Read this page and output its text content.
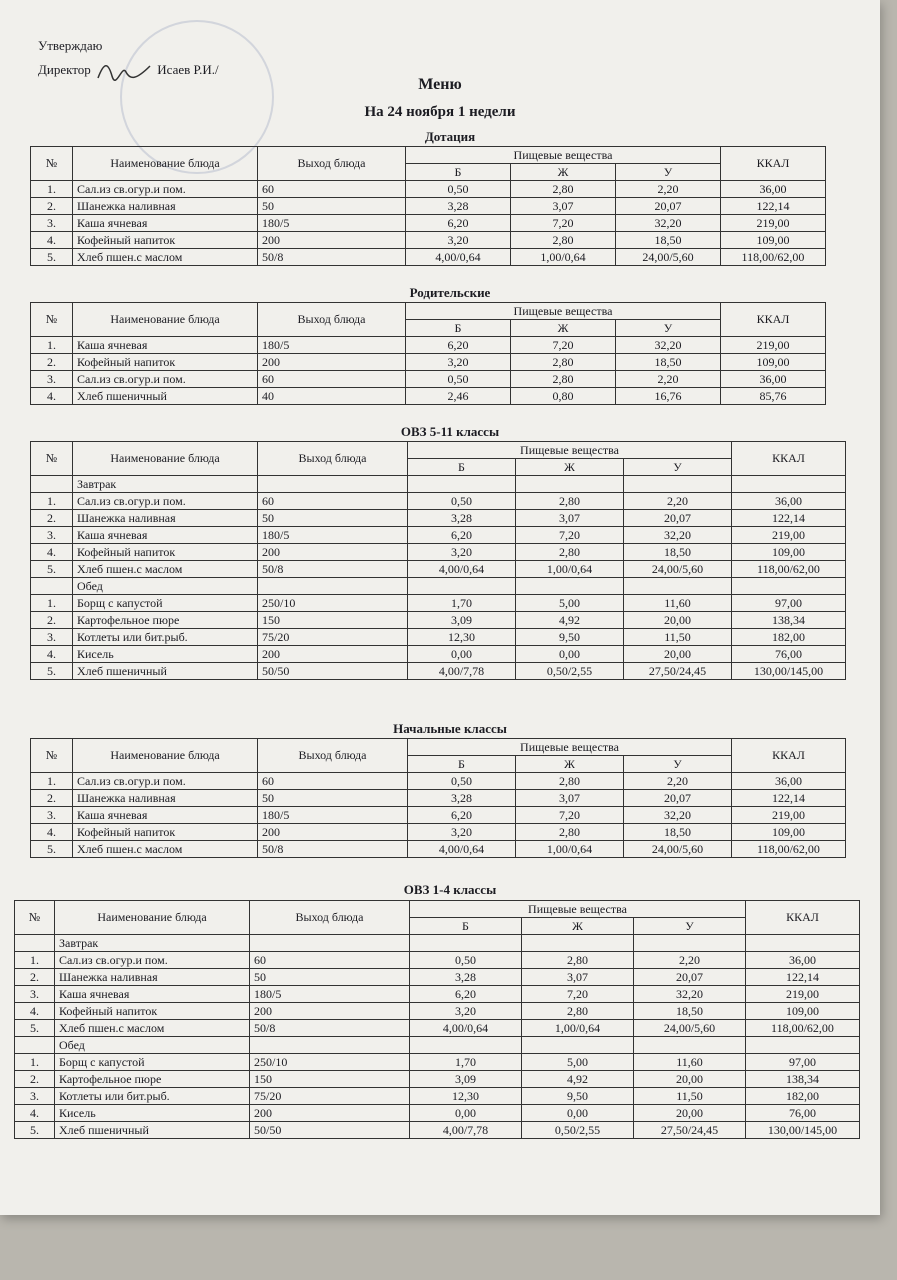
Утверждаю
Директор	Исаев Р.И./
Меню
На 24 ноября 1 недели
Дотация
№	Наименование блюда	Выход блюда	Пищевые вещества			ККАЛ
			Б	Ж	У	
1.	Сал.из св.огур.и пом.	60	0,50	2,80	2,20	36,00
2.	Шанежка наливная	50	3,28	3,07	20,07	122,14
3.	Каша ячневая	180/5	6,20	7,20	32,20	219,00
4.	Кофейный напиток	200	3,20	2,80	18,50	109,00
5.	Хлеб пшен.с маслом	50/8	4,00/0,64	1,00/0,64	24,00/5,60	118,00/62,00
Родительские
№	Наименование блюда	Выход блюда	Пищевые вещества			ККАЛ
			Б	Ж	У	
1.	Каша ячневая	180/5	6,20	7,20	32,20	219,00
2.	Кофейный напиток	200	3,20	2,80	18,50	109,00
3.	Сал.из св.огур.и пом.	60	0,50	2,80	2,20	36,00
4.	Хлеб пшеничный	40	2,46	0,80	16,76	85,76
ОВЗ 5-11 классы
№	Наименование блюда	Выход блюда	Пищевые вещества			ККАЛ
			Б	Ж	У	
	Завтрак					
1.	Сал.из св.огур.и пом.	60	0,50	2,80	2,20	36,00
2.	Шанежка наливная	50	3,28	3,07	20,07	122,14
3.	Каша ячневая	180/5	6,20	7,20	32,20	219,00
4.	Кофейный напиток	200	3,20	2,80	18,50	109,00
5.	Хлеб пшен.с маслом	50/8	4,00/0,64	1,00/0,64	24,00/5,60	118,00/62,00
	Обед					
1.	Борщ с капустой	250/10	1,70	5,00	11,60	97,00
2.	Картофельное пюре	150	3,09	4,92	20,00	138,34
3.	Котлеты или бит.рыб.	75/20	12,30	9,50	11,50	182,00
4.	Кисель	200	0,00	0,00	20,00	76,00
5.	Хлеб пшеничный	50/50	4,00/7,78	0,50/2,55	27,50/24,45	130,00/145,00
Начальные классы
№	Наименование блюда	Выход блюда	Пищевые вещества			ККАЛ
			Б	Ж	У	
1.	Сал.из св.огур.и пом.	60	0,50	2,80	2,20	36,00
2.	Шанежка наливная	50	3,28	3,07	20,07	122,14
3.	Каша ячневая	180/5	6,20	7,20	32,20	219,00
4.	Кофейный напиток	200	3,20	2,80	18,50	109,00
5.	Хлеб пшен.с маслом	50/8	4,00/0,64	1,00/0,64	24,00/5,60	118,00/62,00
ОВЗ 1-4 классы
№	Наименование блюда	Выход блюда	Пищевые вещества			ККАЛ
			Б	Ж	У	
	Завтрак					
1.	Сал.из св.огур.и пом.	60	0,50	2,80	2,20	36,00
2.	Шанежка наливная	50	3,28	3,07	20,07	122,14
3.	Каша ячневая	180/5	6,20	7,20	32,20	219,00
4.	Кофейный напиток	200	3,20	2,80	18,50	109,00
5.	Хлеб пшен.с маслом	50/8	4,00/0,64	1,00/0,64	24,00/5,60	118,00/62,00
	Обед					
1.	Борщ с капустой	250/10	1,70	5,00	11,60	97,00
2.	Картофельное пюре	150	3,09	4,92	20,00	138,34
3.	Котлеты или бит.рыб.	75/20	12,30	9,50	11,50	182,00
4.	Кисель	200	0,00	0,00	20,00	76,00
5.	Хлеб пшеничный	50/50	4,00/7,78	0,50/2,55	27,50/24,45	130,00/145,00
